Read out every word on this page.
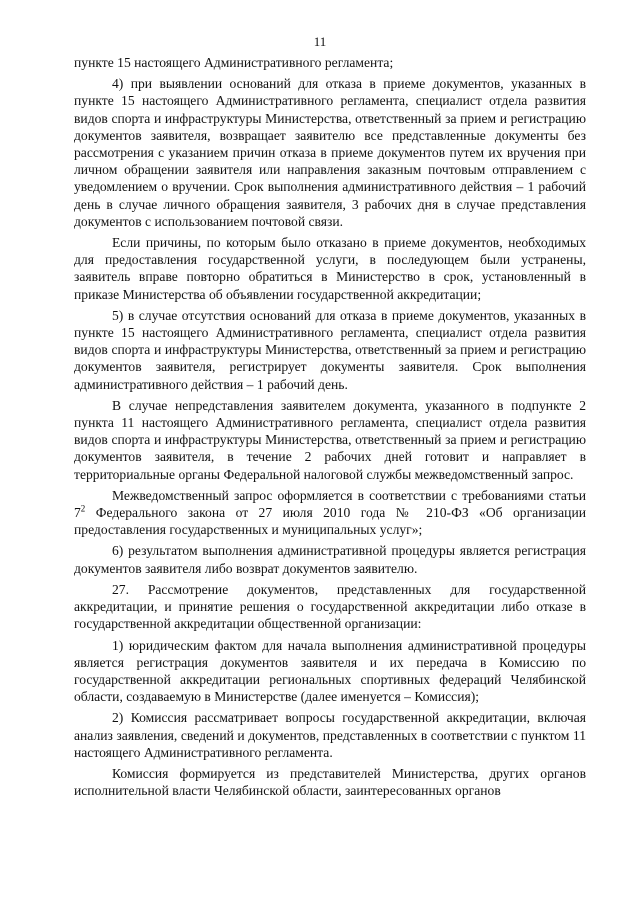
11

пункте 15 настоящего Административного регламента;

4) при выявлении оснований для отказа в приеме документов, указанных в пункте 15 настоящего Административного регламента, специалист отдела развития видов спорта и инфраструктуры Министерства, ответственный за прием и регистрацию документов заявителя, возвращает заявителю все представленные документы без рассмотрения с указанием причин отказа в приеме документов путем их вручения при личном обращении заявителя или направления заказным почтовым отправлением с уведомлением о вручении. Срок выполнения административного действия – 1 рабочий день в случае личного обращения заявителя, 3 рабочих дня в случае представления документов с использованием почтовой связи.

Если причины, по которым было отказано в приеме документов, необходимых для предоставления государственной услуги, в последующем были устранены, заявитель вправе повторно обратиться в Министерство в срок, установленный в приказе Министерства об объявлении государственной аккредитации;

5) в случае отсутствия оснований для отказа в приеме документов, указанных в пункте 15 настоящего Административного регламента, специалист отдела развития видов спорта и инфраструктуры Министерства, ответственный за прием и регистрацию документов заявителя, регистрирует документы заявителя. Срок выполнения административного действия – 1 рабочий день.

В случае непредставления заявителем документа, указанного в подпункте 2 пункта 11 настоящего Административного регламента, специалист отдела развития видов спорта и инфраструктуры Министерства, ответственный за прием и регистрацию документов заявителя, в течение 2 рабочих дней готовит и направляет в территориальные органы Федеральной налоговой службы межведомственный запрос.

Межведомственный запрос оформляется в соответствии с требованиями статьи $7^2$ Федерального закона от 27 июля 2010 года № 210-ФЗ «Об организации предоставления государственных и муниципальных услуг»;

6) результатом выполнения административной процедуры является регистрация документов заявителя либо возврат документов заявителю.

27. Рассмотрение документов, представленных для государственной аккредитации, и принятие решения о государственной аккредитации либо отказе в государственной аккредитации общественной организации:

1) юридическим фактом для начала выполнения административной процедуры является регистрация документов заявителя и их передача в Комиссию по государственной аккредитации региональных спортивных федераций Челябинской области, создаваемую в Министерстве (далее именуется – Комиссия);

2) Комиссия рассматривает вопросы государственной аккредитации, включая анализ заявления, сведений и документов, представленных в соответствии с пунктом 11 настоящего Административного регламента.

Комиссия формируется из представителей Министерства, других органов исполнительной власти Челябинской области, заинтересованных органов
